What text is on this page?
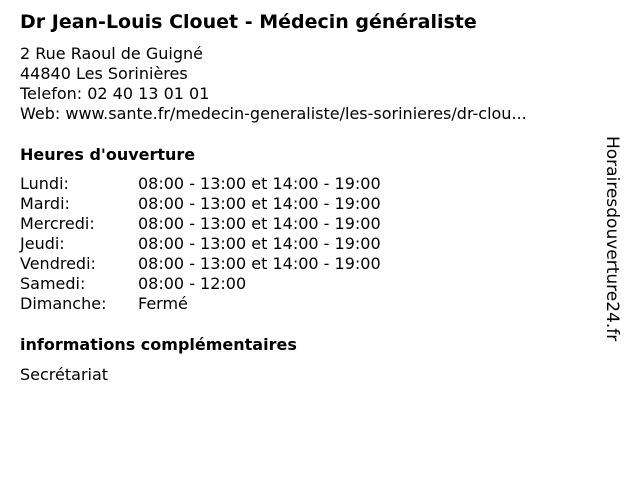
Dr Jean-Louis Clouet - Médecin généraliste
2 Rue Raoul de Guigné
44840 Les Sorinières
Telefon: 02 40 13 01 01
Web: www.sante.fr/medecin-generaliste/les-sorinieres/dr-clou...
Heures d'ouverture
Lundi:	08:00 - 13:00 et 14:00 - 19:00
Mardi:	08:00 - 13:00 et 14:00 - 19:00
Mercredi:	08:00 - 13:00 et 14:00 - 19:00
Jeudi:	08:00 - 13:00 et 14:00 - 19:00
Vendredi:	08:00 - 13:00 et 14:00 - 19:00
Samedi:	08:00 - 12:00
Dimanche: Fermé
informations complémentaires
Secrétariat
Horairesdouverture24.fr
